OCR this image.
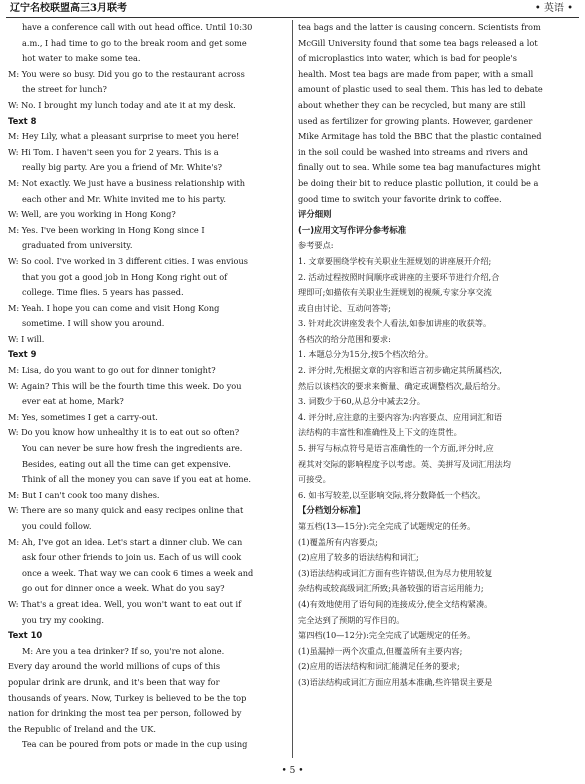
辽宁名校联盟高三3月联考	• 英语 •
have a conference call with out head office. Until 10:30
a.m., I had time to go to the break room and get some
hot water to make some tea.
M: You were so busy. Did you go to the restaurant across
the street for lunch?
W: No. I brought my lunch today and ate it at my desk.
Text 8
M: Hey Lily, what a pleasant surprise to meet you here!
W: Hi Tom. I haven't seen you for 2 years. This is a
really big party. Are you a friend of Mr. White's?
M: Not exactly. We just have a business relationship with
each other and Mr. White invited me to his party.
W: Well, are you working in Hong Kong?
M: Yes. I've been working in Hong Kong since I
graduated from university.
W: So cool. I've worked in 3 different cities. I was envious
that you got a good job in Hong Kong right out of
college. Time flies. 5 years has passed.
M: Yeah. I hope you can come and visit Hong Kong
sometime. I will show you around.
W: I will.
Text 9
M: Lisa, do you want to go out for dinner tonight?
W: Again? This will be the fourth time this week. Do you
ever eat at home, Mark?
M: Yes, sometimes I get a carry-out.
W: Do you know how unhealthy it is to eat out so often?
You can never be sure how fresh the ingredients are.
Besides, eating out all the time can get expensive.
Think of all the money you can save if you eat at home.
M: But I can't cook too many dishes.
W: There are so many quick and easy recipes online that
you could follow.
M: Ah, I've got an idea. Let's start a dinner club. We can
ask four other friends to join us. Each of us will cook
once a week. That way we can cook 6 times a week and
go out for dinner once a week. What do you say?
W: That's a great idea. Well, you won't want to eat out if
you try my cooking.
Text 10
M: Are you a tea drinker? If so, you're not alone.
Every day around the world millions of cups of this
popular drink are drunk, and it's been that way for
thousands of years. Now, Turkey is believed to be the top
nation for drinking the most tea per person, followed by
the Republic of Ireland and the UK.
Tea can be poured from pots or made in the cup using
tea bags and the latter is causing concern. Scientists from
McGill University found that some tea bags released a lot
of microplastics into water, which is bad for people's
health. Most tea bags are made from paper, with a small
amount of plastic used to seal them. This has led to debate
about whether they can be recycled, but many are still
used as fertilizer for growing plants. However, gardener
Mike Armitage has told the BBC that the plastic contained
in the soil could be washed into streams and rivers and
finally out to sea. While some tea bag manufactures might
be doing their bit to reduce plastic pollution, it could be a
good time to switch your favorite drink to coffee.
评分细则
(一)应用文写作评分参考标准
参考要点:
1. 文章要围绕学校有关职业生涯规划的讲座展开介绍;
2. 活动过程按照时间顺序或讲座的主要环节进行介绍,合
理即可;如描依有关职业生涯规划的视频,专家分享交流
或自由讨论、互动问答等;
3. 针对此次讲座发表个人看法,如参加讲座的收获等。
各档次的给分范围和要求:
1. 本题总分为15分,按5个档次给分。
2. 评分时,先根据文章的内容和语言初步确定其所属档次,
然后以该档次的要求来衡量、确定或调整档次,最后给分。
3. 词数少于60,从总分中减去2分。
4. 评分时,应注意的主要内容为:内容要点、应用词汇和语
法结构的丰富性和准确性及上下文的连贯性。
5. 拼写与标点符号是语言准确性的一个方面,评分时,应
视其对交际的影响程度予以考虑。英、美拼写及词汇用法均
可接受。
6. 如书写较差,以至影响交际,将分数降低一个档次。
【分档划分标准】
第五档(13—15分):完全完成了试题规定的任务。
(1)覆盖所有内容要点;
(2)应用了较多的语法结构和词汇;
(3)语法结构或词汇方面有些许错误,但为尽力使用较复
杂结构或较高级词汇所致;具备较强的语言运用能力;
(4)有效地使用了语句间的连接成分,使全文结构紧凑。
完全达到了预期的写作目的。
第四档(10—12分):完全完成了试题规定的任务。
(1)虽漏掉一两个次重点,但覆盖所有主要内容;
(2)应用的语法结构和词汇能满足任务的要求;
(3)语法结构或词汇方面应用基本准确,些许错误主要是
• 5 •
